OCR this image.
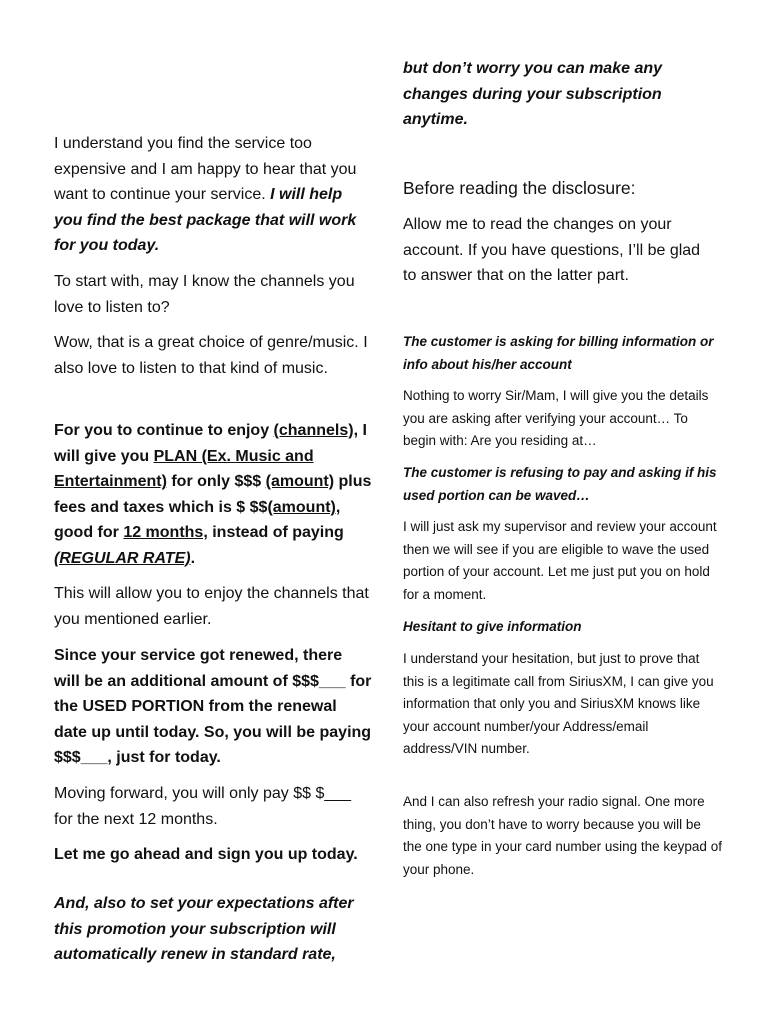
I understand you find the service too expensive and I am happy to hear that you want to continue your service. I will help you find the best package that will work for you today.

To start with, may I know the channels you love to listen to?

Wow, that is a great choice of genre/music. I also love to listen to that kind of music.

For you to continue to enjoy (channels), I will give you PLAN (Ex. Music and Entertainment) for only $$$ (amount) plus fees and taxes which is $ $$(amount), good for 12 months, instead of paying (REGULAR RATE).

This will allow you to enjoy the channels that you mentioned earlier.

Since your service got renewed, there will be an additional amount of $$$___ for the USED PORTION from the renewal date up until today. So, you will be paying $$$___, just for today.

Moving forward, you will only pay $$ $___ for the next 12 months.

Let me go ahead and sign you up today.

And, also to set your expectations after this promotion your subscription will automatically renew in standard rate,

but don’t worry you can make any changes during your subscription anytime.

Before reading the disclosure:

Allow me to read the changes on your account. If you have questions, I’ll be glad to answer that on the latter part.

The customer is asking for billing information or info about his/her account

Nothing to worry Sir/Mam, I will give you the details you are asking after verifying your account… To begin with: Are you residing at…

The customer is refusing to pay and asking if his used portion can be waved…

I will just ask my supervisor and review your account then we will see if you are eligible to wave the used portion of your account. Let me just put you on hold for a moment.

Hesitant to give information

I understand your hesitation, but just to prove that this is a legitimate call from SiriusXM, I can give you information that only you and SiriusXM knows like your account number/your Address/email address/VIN number.

And I can also refresh your radio signal. One more thing, you don’t have to worry because you will be the one type in your card number using the keypad of your phone.
